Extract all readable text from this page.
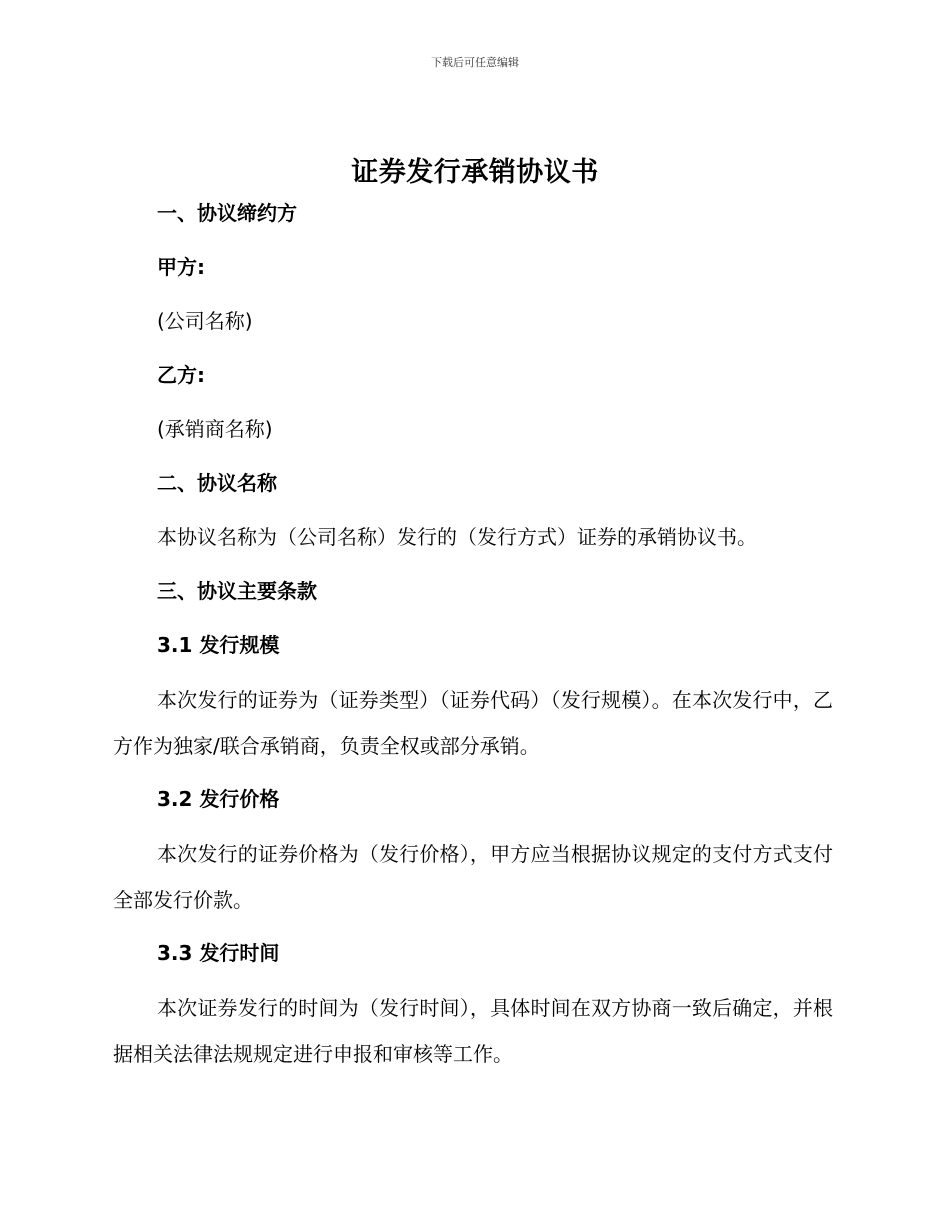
下载后可任意编辑
证券发行承销协议书
一、协议缔约方
甲方:
(公司名称)
乙方:
(承销商名称)
二、协议名称
本协议名称为（公司名称）发行的（发行方式）证券的承销协议书。
三、协议主要条款
3.1 发行规模
本次发行的证券为（证券类型）（证券代码）（发行规模）。在本次发行中，乙方作为独家/联合承销商，负责全权或部分承销。
3.2 发行价格
本次发行的证券价格为（发行价格），甲方应当根据协议规定的支付方式支付全部发行价款。
3.3 发行时间
本次证券发行的时间为（发行时间），具体时间在双方协商一致后确定，并根据相关法律法规规定进行申报和审核等工作。
